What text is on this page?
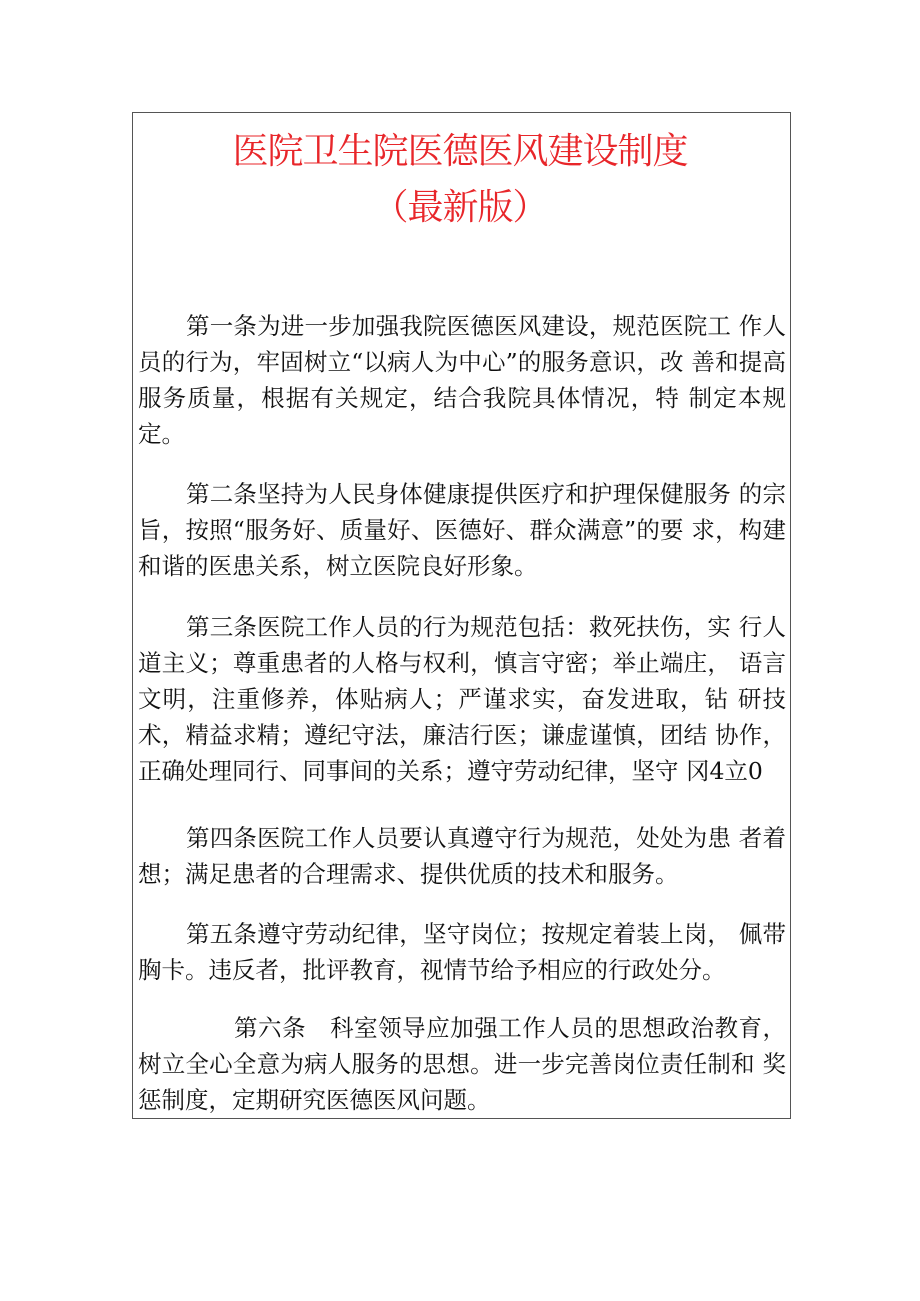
医院卫生院医德医风建设制度
（最新版）

第一条为进一步加强我院医德医风建设，规范医院工 作人员的行为，牢固树立“以病人为中心”的服务意识，改 善和提高服务质量，根据有关规定，结合我院具体情况，特 制定本规定。

第二条坚持为人民身体健康提供医疗和护理保健服务 的宗旨，按照“服务好、质量好、医德好、群众满意”的要 求，构建和谐的医患关系，树立医院良好形象。

第三条医院工作人员的行为规范包括：救死扶伤，实 行人道主义；尊重患者的人格与权利，慎言守密；举止端庄， 语言文明，注重修养，体贴病人；严谨求实，奋发进取，钻 研技术，精益求精；遵纪守法，廉洁行医；谦虚谨慎，团结 协作，正确处理同行、同事间的关系；遵守劳动纪律，坚守 冈4立0

第四条医院工作人员要认真遵守行为规范，处处为患 者着想；满足患者的合理需求、提供优质的技术和服务。

第五条遵守劳动纪律，坚守岗位；按规定着装上岗， 佩带胸卡。违反者，批评教育，视情节给予相应的行政处分。

　第六条　科室领导应加强工作人员的思想政治教育， 树立全心全意为病人服务的思想。进一步完善岗位责任制和 奖惩制度，定期研究医德医风问题。
